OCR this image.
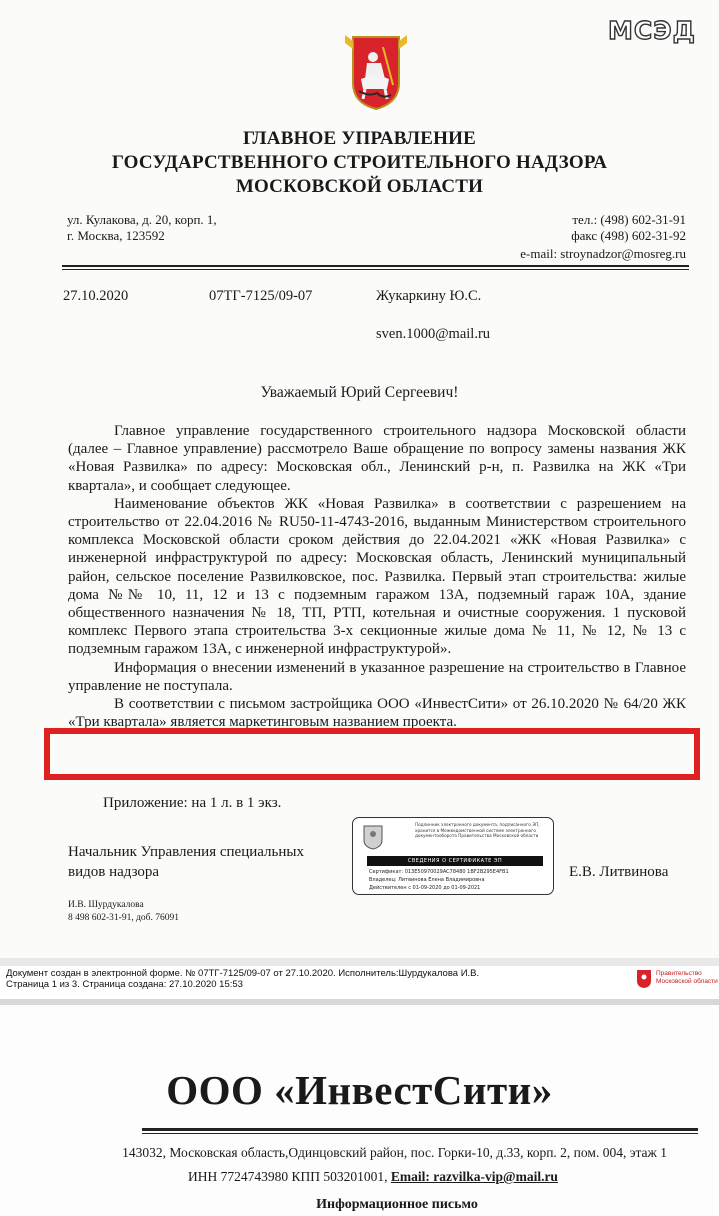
МСЭД
ГЛАВНОЕ УПРАВЛЕНИЕ
ГОСУДАРСТВЕННОГО СТРОИТЕЛЬНОГО НАДЗОРА
МОСКОВСКОЙ ОБЛАСТИ
ул. Кулакова, д. 20, корп. 1,
г. Москва, 123592
тел.: (498) 602-31-91
факс (498) 602-31-92
e-mail: stroynadzor@mosreg.ru
27.10.2020	07ТГ-7125/09-07	Жукаркину Ю.С.
sven.1000@mail.ru
Уважаемый Юрий Сергеевич!

Главное управление государственного строительного надзора Московской области (далее – Главное управление) рассмотрело Ваше обращение по вопросу замены названия ЖК «Новая Развилка» по адресу: Московская обл., Ленинский р-н, п. Развилка на ЖК «Три квартала», и сообщает следующее.

Наименование объектов ЖК «Новая Развилка» в соответствии с разрешением на строительство от 22.04.2016 № RU50-11-4743-2016, выданным Министерством строительного комплекса Московской области сроком действия до 22.04.2021 «ЖК «Новая Развилка» с инженерной инфраструктурой по адресу: Московская область, Ленинский муниципальный район, сельское поселение Развилковское, пос. Развилка. Первый этап строительства: жилые дома №№ 10, 11, 12 и 13 с подземным гаражом 13А, подземный гараж 10А, здание общественного назначения № 18, ТП, РТП, котельная и очистные сооружения. 1 пусковой комплекс Первого этапа строительства 3-х секционные жилые дома № 11, № 12, № 13 с подземным гаражом 13А, с инженерной инфраструктурой».

Информация о внесении изменений в указанное разрешение на строительство в Главное управление не поступала.

В соответствии с письмом застройщика ООО «ИнвестСити» от 26.10.2020 № 64/20 ЖК «Три квартала» является маркетинговым названием проекта.

Приложение: на 1 л. в 1 экз.
Начальник Управления специальных
видов надзора	Е.В. Литвинова
Подлинник электронного документа, подписанного ЭП, хранится в Межведомственной системе электронного документооборота Правительства Московской области
СВЕДЕНИЯ О СЕРТИФИКАТЕ ЭП
Сертификат: 013E50970029AC78480 1BF2B295E4FB1
Владелец: Литвинова Елена Владимировна
Действителен с 01-09-2020 до 01-09-2021
И.В. Шурдукалова
8 498 602-31-91, доб. 76091
Документ создан в электронной форме. № 07ТГ-7125/09-07 от 27.10.2020. Исполнитель:Шурдукалова И.В.
Страница 1 из 3. Страница создана: 27.10.2020 15:53
Правительство
Московской области
ООО «ИнвестСити»
143032, Московская область,Одинцовский район, пос. Горки-10, д.33, корп. 2, пом. 004, этаж 1
ИНН 7724743980 КПП 503201001, Email: razvilka-vip@mail.ru
Информационное письмо
